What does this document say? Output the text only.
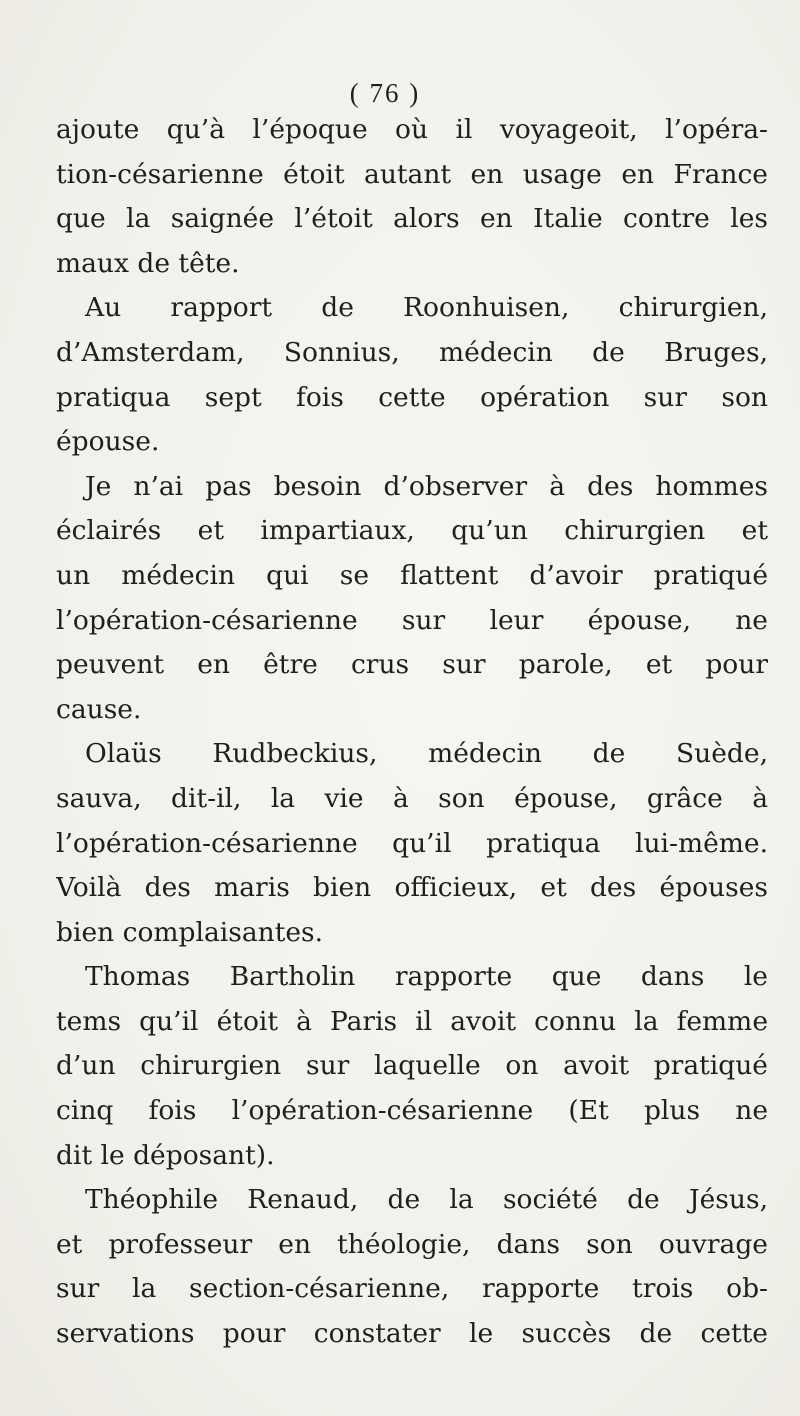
( 76 )
ajoute qu’à l’époque où il voyageoit, l’opéra-
tion-césarienne étoit autant en usage en France
que la saignée l’étoit alors en Italie contre les
maux de tête.
Au rapport de Roonhuisen, chirurgien,
d’Amsterdam, Sonnius, médecin de Bruges,
pratiqua sept fois cette opération sur son
épouse.
Je n’ai pas besoin d’observer à des hommes
éclairés et impartiaux, qu’un chirurgien et
un médecin qui se flattent d’avoir pratiqué
l’opération-césarienne sur leur épouse, ne
peuvent en être crus sur parole, et pour
cause.
Olaüs Rudbeckius, médecin de Suède,
sauva, dit-il, la vie à son épouse, grâce à
l’opération-césarienne qu’il pratiqua lui-même.
Voilà des maris bien officieux, et des épouses
bien complaisantes.
Thomas Bartholin rapporte que dans le
tems qu’il étoit à Paris il avoit connu la femme
d’un chirurgien sur laquelle on avoit pratiqué
cinq fois l’opération-césarienne (Et plus ne
dit le déposant).
Théophile Renaud, de la société de Jésus,
et professeur en théologie, dans son ouvrage
sur la section-césarienne, rapporte trois ob-
servations pour constater le succès de cette
